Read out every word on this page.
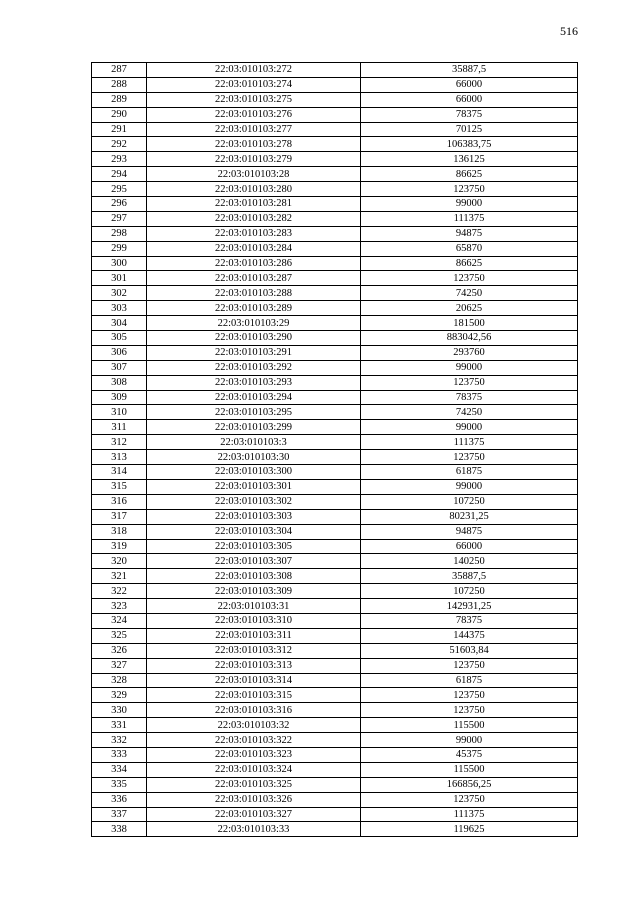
516
287	22:03:010103:272	35887,5
288	22:03:010103:274	66000
289	22:03:010103:275	66000
290	22:03:010103:276	78375
291	22:03:010103:277	70125
292	22:03:010103:278	106383,75
293	22:03:010103:279	136125
294	22:03:010103:28	86625
295	22:03:010103:280	123750
296	22:03:010103:281	99000
297	22:03:010103:282	111375
298	22:03:010103:283	94875
299	22:03:010103:284	65870
300	22:03:010103:286	86625
301	22:03:010103:287	123750
302	22:03:010103:288	74250
303	22:03:010103:289	20625
304	22:03:010103:29	181500
305	22:03:010103:290	883042,56
306	22:03:010103:291	293760
307	22:03:010103:292	99000
308	22:03:010103:293	123750
309	22:03:010103:294	78375
310	22:03:010103:295	74250
311	22:03:010103:299	99000
312	22:03:010103:3	111375
313	22:03:010103:30	123750
314	22:03:010103:300	61875
315	22:03:010103:301	99000
316	22:03:010103:302	107250
317	22:03:010103:303	80231,25
318	22:03:010103:304	94875
319	22:03:010103:305	66000
320	22:03:010103:307	140250
321	22:03:010103:308	35887,5
322	22:03:010103:309	107250
323	22:03:010103:31	142931,25
324	22:03:010103:310	78375
325	22:03:010103:311	144375
326	22:03:010103:312	51603,84
327	22:03:010103:313	123750
328	22:03:010103:314	61875
329	22:03:010103:315	123750
330	22:03:010103:316	123750
331	22:03:010103:32	115500
332	22:03:010103:322	99000
333	22:03:010103:323	45375
334	22:03:010103:324	115500
335	22:03:010103:325	166856,25
336	22:03:010103:326	123750
337	22:03:010103:327	111375
338	22:03:010103:33	119625
